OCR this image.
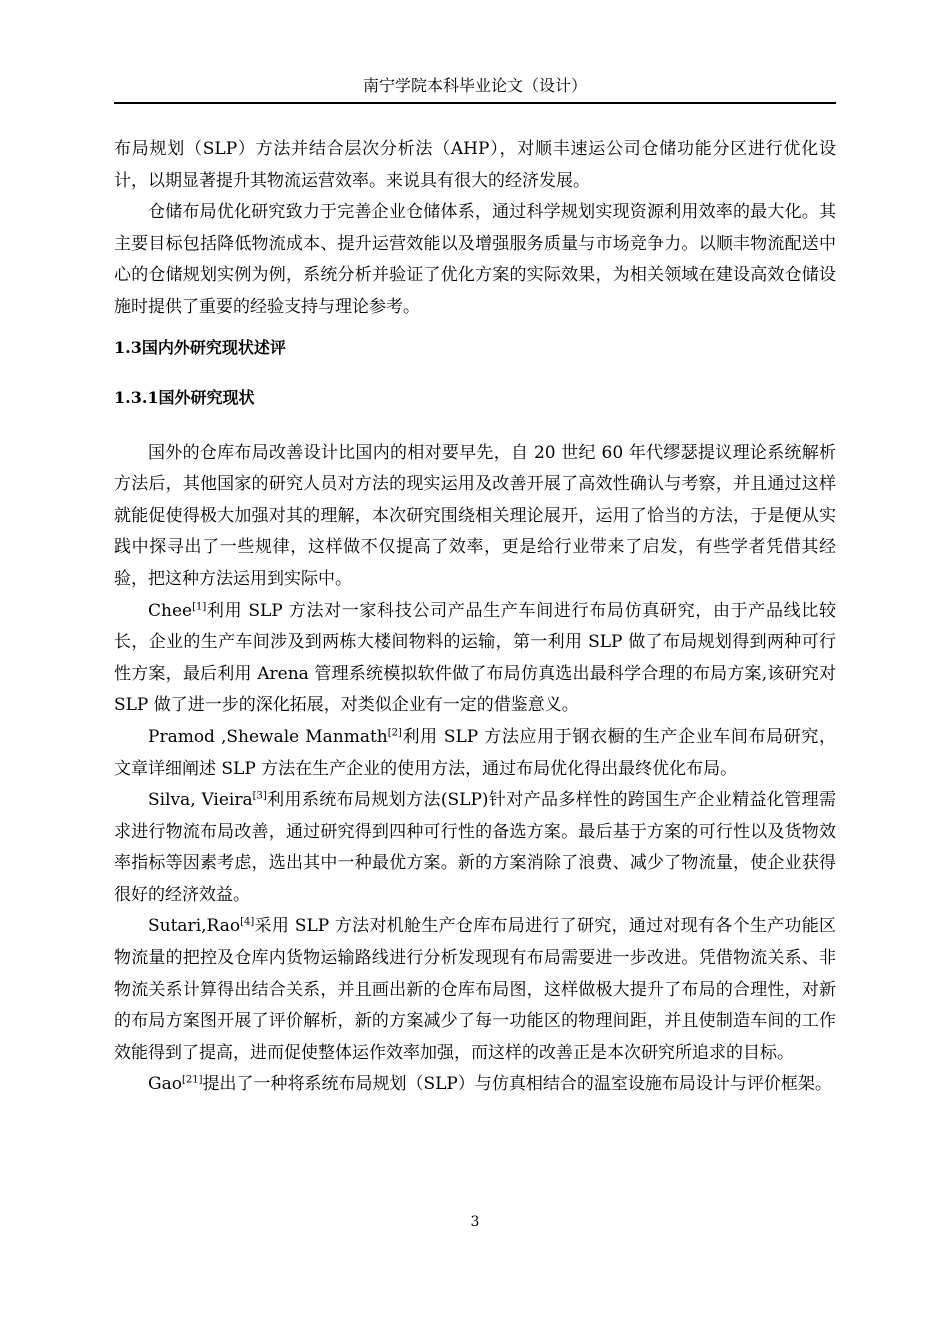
南宁学院本科毕业论文（设计）

布局规划（SLP）方法并结合层次分析法（AHP），对顺丰速运公司仓储功能分区进行优化设计，以期显著提升其物流运营效率。来说具有很大的经济发展。

仓储布局优化研究致力于完善企业仓储体系，通过科学规划实现资源利用效率的最大化。其主要目标包括降低物流成本、提升运营效能以及增强服务质量与市场竞争力。以顺丰物流配送中心的仓储规划实例为例，系统分析并验证了优化方案的实际效果，为相关领域在建设高效仓储设施时提供了重要的经验支持与理论参考。

1.3国内外研究现状述评
1.3.1国外研究现状

国外的仓库布局改善设计比国内的相对要早先，自 20 世纪 60 年代缪瑟提议理论系统解析方法后，其他国家的研究人员对方法的现实运用及改善开展了高效性确认与考察，并且通过这样就能促使得极大加强对其的理解，本次研究围绕相关理论展开，运用了恰当的方法，于是便从实践中探寻出了一些规律，这样做不仅提高了效率，更是给行业带来了启发，有些学者凭借其经验，把这种方法运用到实际中。

Chee[1]利用 SLP 方法对一家科技公司产品生产车间进行布局仿真研究，由于产品线比较长，企业的生产车间涉及到两栋大楼间物料的运输，第一利用 SLP 做了布局规划得到两种可行性方案，最后利用 Arena 管理系统模拟软件做了布局仿真选出最科学合理的布局方案,该研究对 SLP 做了进一步的深化拓展，对类似企业有一定的借鉴意义。

Pramod ,Shewale Manmath[2]利用 SLP 方法应用于钢衣橱的生产企业车间布局研究，文章详细阐述 SLP 方法在生产企业的使用方法，通过布局优化得出最终优化布局。

Silva, Vieira[3]利用系统布局规划方法(SLP)针对产品多样性的跨国生产企业精益化管理需求进行物流布局改善，通过研究得到四种可行性的备选方案。最后基于方案的可行性以及货物效率指标等因素考虑，选出其中一种最优方案。新的方案消除了浪费、减少了物流量，使企业获得很好的经济效益。

Sutari,Rao[4]采用 SLP 方法对机舱生产仓库布局进行了研究，通过对现有各个生产功能区物流量的把控及仓库内货物运输路线进行分析发现现有布局需要进一步改进。凭借物流关系、非物流关系计算得出结合关系，并且画出新的仓库布局图，这样做极大提升了布局的合理性，对新的布局方案图开展了评价解析，新的方案减少了每一功能区的物理间距，并且使制造车间的工作效能得到了提高，进而促使整体运作效率加强，而这样的改善正是本次研究所追求的目标。

Gao[21]提出了一种将系统布局规划（SLP）与仿真相结合的温室设施布局设计与评价框架。

3
